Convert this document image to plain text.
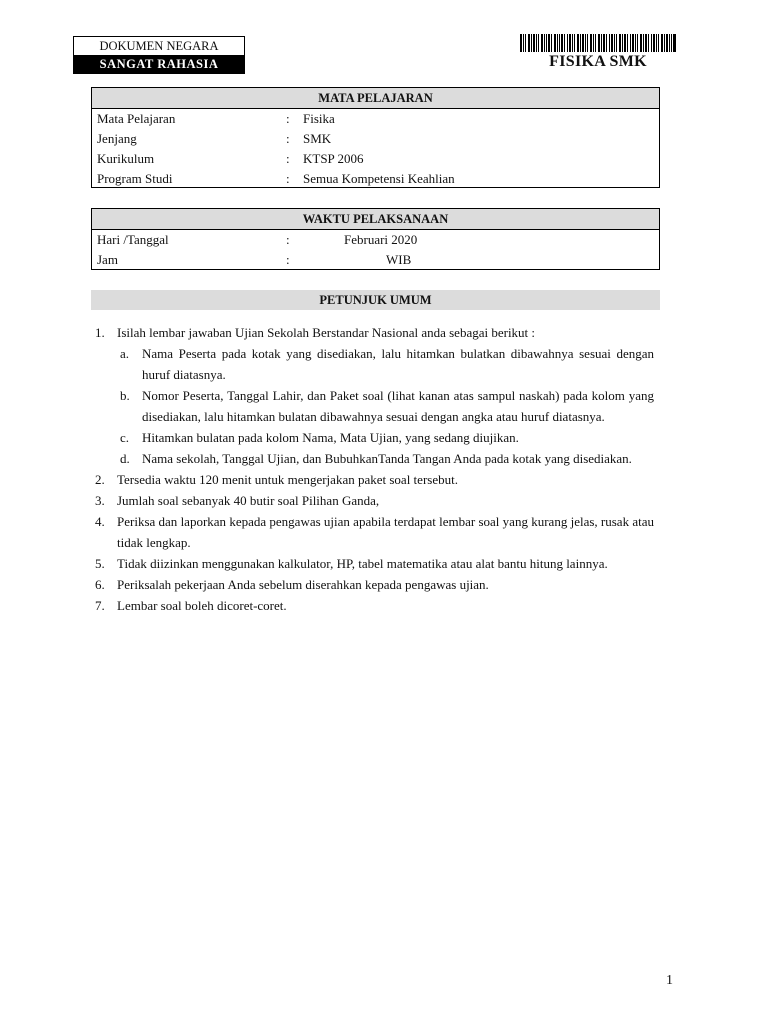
DOKUMEN NEGARA
SANGAT RAHASIA	FISIKA SMK
MATA PELAJARAN
Mata Pelajaran	: Fisika
Jenjang	: SMK
Kurikulum	: KTSP 2006
Program Studi	: Semua Kompetensi Keahlian
WAKTU PELAKSANAAN
Hari /Tanggal	:	Februari 2020
Jam	:	WIB
PETUNJUK UMUM
1. Isilah lembar jawaban Ujian Sekolah Berstandar Nasional anda sebagai berikut :
a. Nama Peserta pada kotak yang disediakan, lalu hitamkan bulatkan dibawahnya sesuai dengan huruf diatasnya.
b. Nomor Peserta, Tanggal Lahir, dan Paket soal (lihat kanan atas sampul naskah) pada kolom yang disediakan, lalu hitamkan bulatan dibawahnya sesuai dengan angka atau huruf diatasnya.
c. Hitamkan bulatan pada kolom Nama, Mata Ujian, yang sedang diujikan.
d. Nama sekolah, Tanggal Ujian, dan BubuhkanTanda Tangan Anda pada kotak yang disediakan.
2. Tersedia waktu 120 menit untuk mengerjakan paket soal tersebut.
3. Jumlah soal sebanyak 40 butir soal Pilihan Ganda,
4. Periksa dan laporkan kepada pengawas ujian apabila terdapat lembar soal yang kurang jelas, rusak atau tidak lengkap.
5. Tidak diizinkan menggunakan kalkulator, HP, tabel matematika atau alat bantu hitung lainnya.
6. Periksalah pekerjaan Anda sebelum diserahkan kepada pengawas ujian.
7. Lembar soal boleh dicoret-coret.
1
